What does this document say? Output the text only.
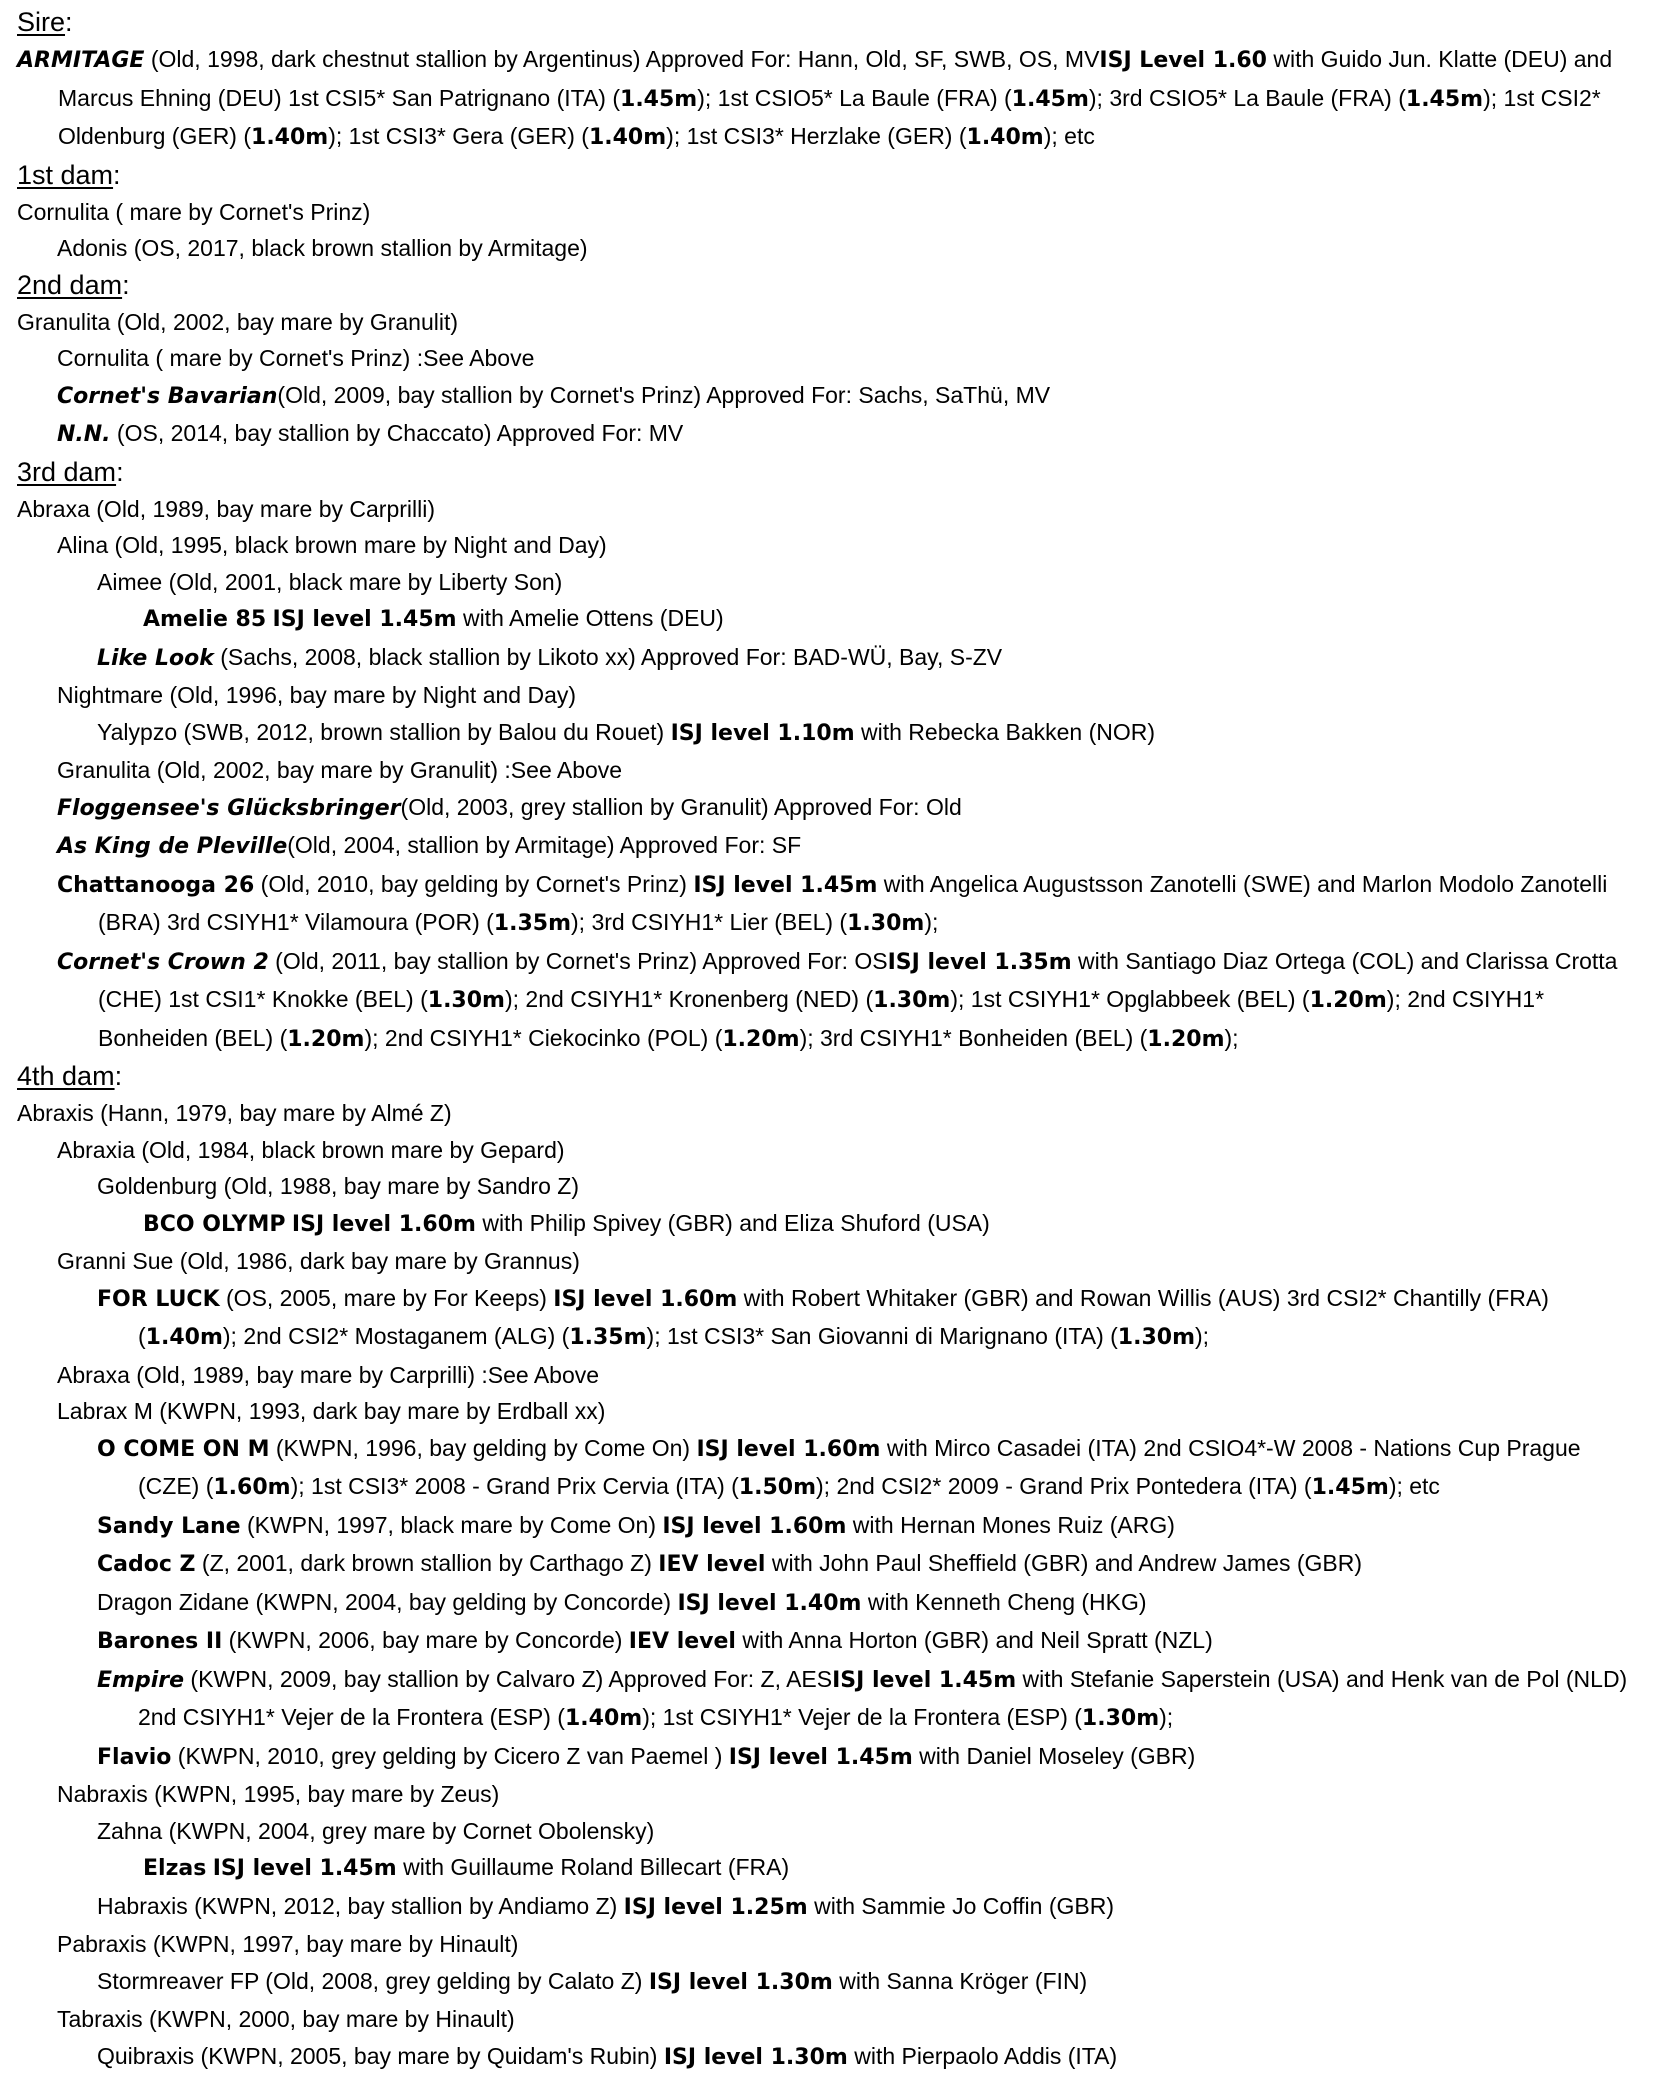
Sire:
ARMITAGE (Old, 1998, dark chestnut stallion by Argentinus) Approved For: Hann, Old, SF, SWB, OS, MVISJ Level 1.60 with Guido Jun. Klatte (DEU) and Marcus Ehning (DEU) 1st CSI5* San Patrignano (ITA) (1.45m); 1st CSIO5* La Baule (FRA) (1.45m); 3rd CSIO5* La Baule (FRA) (1.45m); 1st CSI2* Oldenburg (GER) (1.40m); 1st CSI3* Gera (GER) (1.40m); 1st CSI3* Herzlake (GER) (1.40m); etc
1st dam:
Cornulita ( mare by Cornet's Prinz)
Adonis (OS, 2017, black brown stallion by Armitage)
2nd dam:
Granulita (Old, 2002, bay mare by Granulit)
Cornulita ( mare by Cornet's Prinz) :See Above
Cornet's Bavarian(Old, 2009, bay stallion by Cornet's Prinz) Approved For: Sachs, SaThü, MV
N.N. (OS, 2014, bay stallion by Chaccato) Approved For: MV
3rd dam:
Abraxa (Old, 1989, bay mare by Carprilli)
Alina (Old, 1995, black brown mare by Night and Day)
Aimee (Old, 2001, black mare by Liberty Son)
Amelie 85 ISJ level 1.45m with Amelie Ottens (DEU)
Like Look (Sachs, 2008, black stallion by Likoto xx) Approved For: BAD-WÜ, Bay, S-ZV
Nightmare (Old, 1996, bay mare by Night and Day)
Yalypzo (SWB, 2012, brown stallion by Balou du Rouet) ISJ level 1.10m with Rebecka Bakken (NOR)
Granulita (Old, 2002, bay mare by Granulit) :See Above
Floggensee's Glücksbringer(Old, 2003, grey stallion by Granulit) Approved For: Old
As King de Pleville(Old, 2004, stallion by Armitage) Approved For: SF
Chattanooga 26 (Old, 2010, bay gelding by Cornet's Prinz) ISJ level 1.45m with Angelica Augustsson Zanotelli (SWE) and Marlon Modolo Zanotelli (BRA) 3rd CSIYH1* Vilamoura (POR) (1.35m); 3rd CSIYH1* Lier (BEL) (1.30m);
Cornet's Crown 2 (Old, 2011, bay stallion by Cornet's Prinz) Approved For: OSISJ level 1.35m with Santiago Diaz Ortega (COL) and Clarissa Crotta (CHE) 1st CSI1* Knokke (BEL) (1.30m); 2nd CSIYH1* Kronenberg (NED) (1.30m); 1st CSIYH1* Opglabbeek (BEL) (1.20m); 2nd CSIYH1* Bonheiden (BEL) (1.20m); 2nd CSIYH1* Ciekocinko (POL) (1.20m); 3rd CSIYH1* Bonheiden (BEL) (1.20m);
4th dam:
Abraxis (Hann, 1979, bay mare by Almé Z)
Abraxia (Old, 1984, black brown mare by Gepard)
Goldenburg (Old, 1988, bay mare by Sandro Z)
BCO OLYMP ISJ level 1.60m with Philip Spivey (GBR) and Eliza Shuford (USA)
Granni Sue (Old, 1986, dark bay mare by Grannus)
FOR LUCK (OS, 2005, mare by For Keeps) ISJ level 1.60m with Robert Whitaker (GBR) and Rowan Willis (AUS) 3rd CSI2* Chantilly (FRA) (1.40m); 2nd CSI2* Mostaganem (ALG) (1.35m); 1st CSI3* San Giovanni di Marignano (ITA) (1.30m);
Abraxa (Old, 1989, bay mare by Carprilli) :See Above
Labrax M (KWPN, 1993, dark bay mare by Erdball xx)
O COME ON M (KWPN, 1996, bay gelding by Come On) ISJ level 1.60m with Mirco Casadei (ITA) 2nd CSIO4*-W 2008 - Nations Cup Prague (CZE) (1.60m); 1st CSI3* 2008 - Grand Prix Cervia (ITA) (1.50m); 2nd CSI2* 2009 - Grand Prix Pontedera (ITA) (1.45m); etc
Sandy Lane (KWPN, 1997, black mare by Come On) ISJ level 1.60m with Hernan Mones Ruiz (ARG)
Cadoc Z (Z, 2001, dark brown stallion by Carthago Z) IEV level with John Paul Sheffield (GBR) and Andrew James (GBR)
Dragon Zidane (KWPN, 2004, bay gelding by Concorde) ISJ level 1.40m with Kenneth Cheng (HKG)
Barones II (KWPN, 2006, bay mare by Concorde) IEV level with Anna Horton (GBR) and Neil Spratt (NZL)
Empire (KWPN, 2009, bay stallion by Calvaro Z) Approved For: Z, AESISJ level 1.45m with Stefanie Saperstein (USA) and Henk van de Pol (NLD) 2nd CSIYH1* Vejer de la Frontera (ESP) (1.40m); 1st CSIYH1* Vejer de la Frontera (ESP) (1.30m);
Flavio (KWPN, 2010, grey gelding by Cicero Z van Paemel ) ISJ level 1.45m with Daniel Moseley (GBR)
Nabraxis (KWPN, 1995, bay mare by Zeus)
Zahna (KWPN, 2004, grey mare by Cornet Obolensky)
Elzas ISJ level 1.45m with Guillaume Roland Billecart (FRA)
Habraxis (KWPN, 2012, bay stallion by Andiamo Z) ISJ level 1.25m with Sammie Jo Coffin (GBR)
Pabraxis (KWPN, 1997, bay mare by Hinault)
Stormreaver FP (Old, 2008, grey gelding by Calato Z) ISJ level 1.30m with Sanna Kröger (FIN)
Tabraxis (KWPN, 2000, bay mare by Hinault)
Quibraxis (KWPN, 2005, bay mare by Quidam's Rubin) ISJ level 1.30m with Pierpaolo Addis (ITA)
